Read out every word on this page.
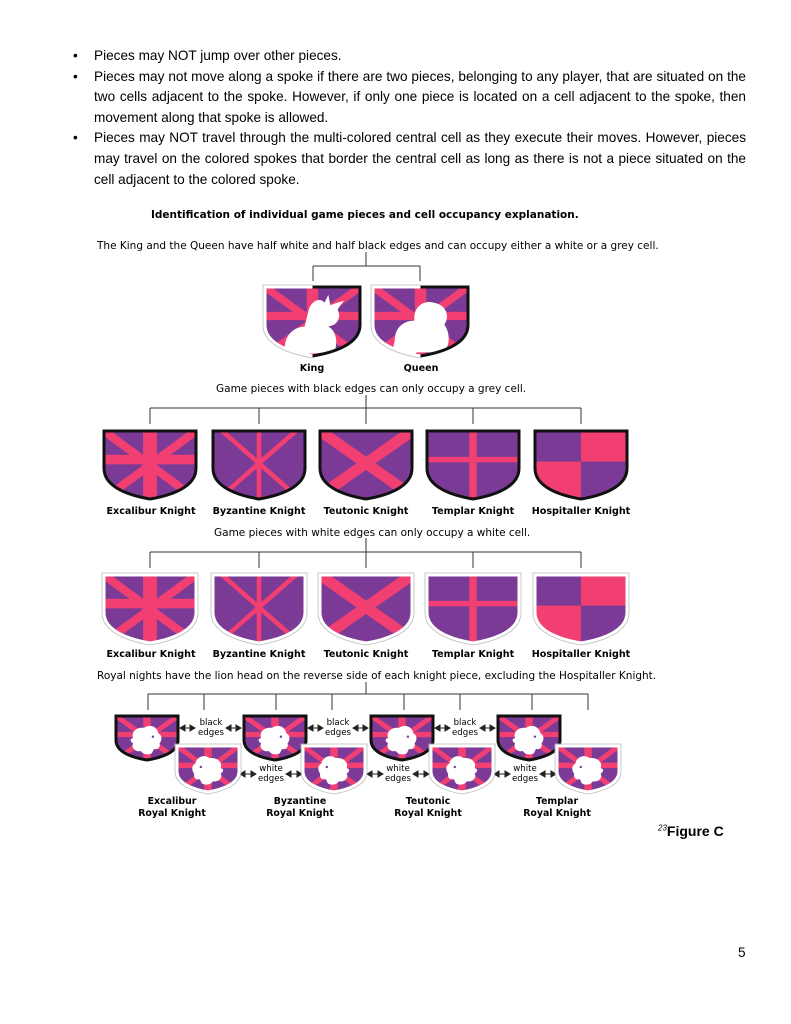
• Pieces may NOT jump over other pieces.
• Pieces may not move along a spoke if there are two pieces, belonging to any player, that are situated on the two cells adjacent to the spoke. However, if only one piece is located on a cell adjacent to the spoke, then movement along that spoke is allowed.
• Pieces may NOT travel through the multi-colored central cell as they execute their moves. However, pieces may travel on the colored spokes that border the central cell as long as there is not a piece situated on the cell adjacent to the colored spoke.
Identification of individual game pieces and cell occupancy explanation.
The King and the Queen have half white and half black edges and can occupy either a white or a grey cell.
King	Queen
Game pieces with black edges can only occupy a grey cell.
Excalibur Knight Byzantine Knight Teutonic Knight Templar Knight Hospitaller Knight
Game pieces with white edges can only occupy a white cell.
Excalibur Knight Byzantine Knight Teutonic Knight Templar Knight Hospitaller Knight
Royal nights have the lion head on the reverse side of each knight piece, excluding the Hospitaller Knight.
black
edges
black
edges
black
edges
white
edges
white
edges
white
edges
Excalibur
Royal Knight
Byzantine
Royal Knight
Teutonic
Royal Knight
Templar
Royal Knight
$^{23}$Figure C
5
